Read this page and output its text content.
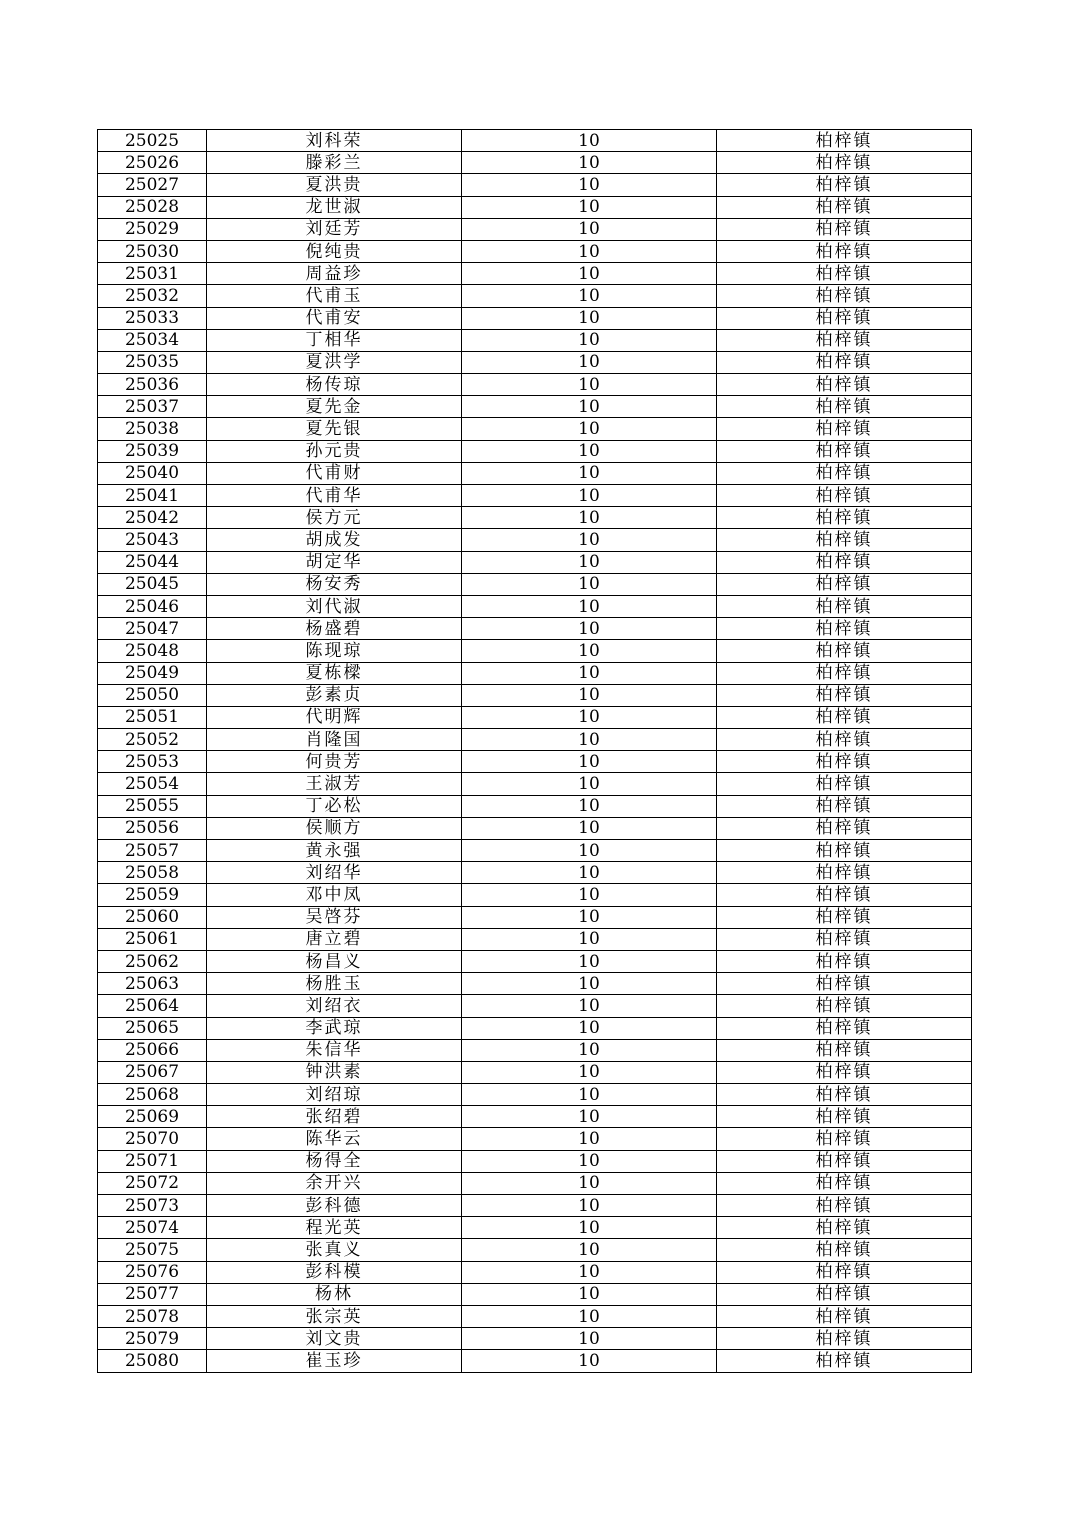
25025	刘科荣	10	柏梓镇
25026	滕彩兰	10	柏梓镇
25027	夏洪贵	10	柏梓镇
25028	龙世淑	10	柏梓镇
25029	刘廷芳	10	柏梓镇
25030	倪纯贵	10	柏梓镇
25031	周益珍	10	柏梓镇
25032	代甫玉	10	柏梓镇
25033	代甫安	10	柏梓镇
25034	丁相华	10	柏梓镇
25035	夏洪学	10	柏梓镇
25036	杨传琼	10	柏梓镇
25037	夏先金	10	柏梓镇
25038	夏先银	10	柏梓镇
25039	孙元贵	10	柏梓镇
25040	代甫财	10	柏梓镇
25041	代甫华	10	柏梓镇
25042	侯方元	10	柏梓镇
25043	胡成发	10	柏梓镇
25044	胡定华	10	柏梓镇
25045	杨安秀	10	柏梓镇
25046	刘代淑	10	柏梓镇
25047	杨盛碧	10	柏梓镇
25048	陈现琼	10	柏梓镇
25049	夏栋樑	10	柏梓镇
25050	彭素贞	10	柏梓镇
25051	代明辉	10	柏梓镇
25052	肖隆国	10	柏梓镇
25053	何贵芳	10	柏梓镇
25054	王淑芳	10	柏梓镇
25055	丁必松	10	柏梓镇
25056	侯顺方	10	柏梓镇
25057	黄永强	10	柏梓镇
25058	刘绍华	10	柏梓镇
25059	邓中凤	10	柏梓镇
25060	吴啓芬	10	柏梓镇
25061	唐立碧	10	柏梓镇
25062	杨昌义	10	柏梓镇
25063	杨胜玉	10	柏梓镇
25064	刘绍衣	10	柏梓镇
25065	李武琼	10	柏梓镇
25066	朱信华	10	柏梓镇
25067	钟洪素	10	柏梓镇
25068	刘绍琼	10	柏梓镇
25069	张绍碧	10	柏梓镇
25070	陈华云	10	柏梓镇
25071	杨得全	10	柏梓镇
25072	余开兴	10	柏梓镇
25073	彭科德	10	柏梓镇
25074	程光英	10	柏梓镇
25075	张真义	10	柏梓镇
25076	彭科模	10	柏梓镇
25077	杨林	10	柏梓镇
25078	张宗英	10	柏梓镇
25079	刘文贵	10	柏梓镇
25080	崔玉珍	10	柏梓镇
